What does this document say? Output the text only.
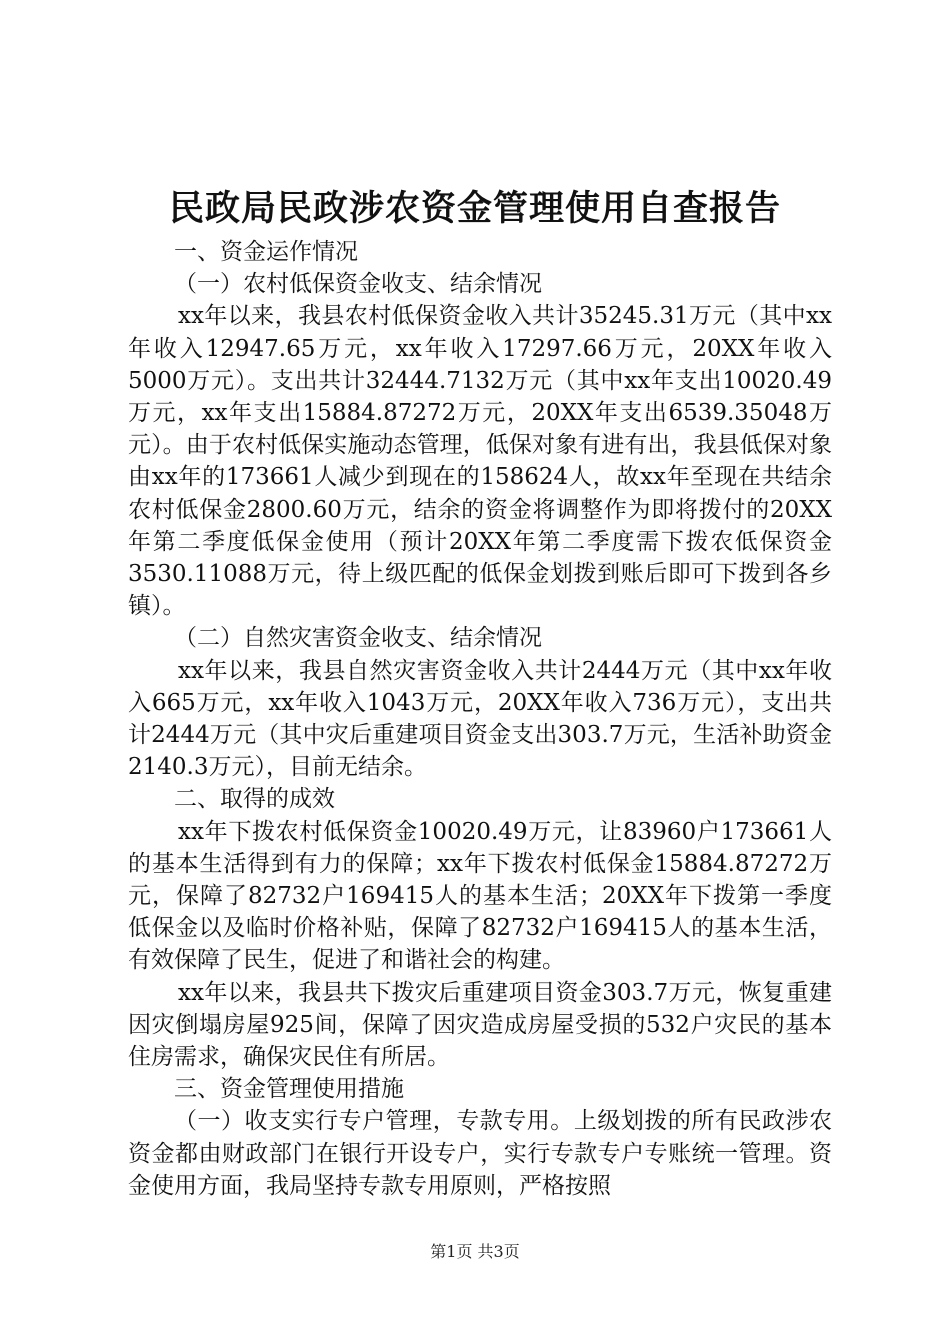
民政局民政涉农资金管理使用自查报告

一、资金运作情况

（一）农村低保资金收支、结余情况

xx年以来，我县农村低保资金收入共计35245.31万元（其中xx年收入12947.65万元，xx年收入17297.66万元，20XX年收入5000万元）。支出共计32444.7132万元（其中xx年支出10020.49万元，xx年支出15884.87272万元，20XX年支出6539.35048万元）。由于农村低保实施动态管理，低保对象有进有出，我县低保对象由xx年的173661人减少到现在的158624人，故xx年至现在共结余农村低保金2800.60万元，结余的资金将调整作为即将拨付的20XX年第二季度低保金使用（预计20XX年第二季度需下拨农低保资金3530.11088万元，待上级匹配的低保金划拨到账后即可下拨到各乡镇）。

（二）自然灾害资金收支、结余情况

xx年以来，我县自然灾害资金收入共计2444万元（其中xx年收入665万元，xx年收入1043万元，20XX年收入736万元），支出共计2444万元（其中灾后重建项目资金支出303.7万元，生活补助资金2140.3万元），目前无结余。

二、取得的成效

xx年下拨农村低保资金10020.49万元，让83960户173661人的基本生活得到有力的保障；xx年下拨农村低保金15884.87272万元，保障了82732户169415人的基本生活；20XX年下拨第一季度低保金以及临时价格补贴，保障了82732户169415人的基本生活，有效保障了民生，促进了和谐社会的构建。

xx年以来，我县共下拨灾后重建项目资金303.7万元，恢复重建因灾倒塌房屋925间，保障了因灾造成房屋受损的532户灾民的基本住房需求，确保灾民住有所居。

三、资金管理使用措施

（一）收支实行专户管理，专款专用。上级划拨的所有民政涉农资金都由财政部门在银行开设专户，实行专款专户专账统一管理。资金使用方面，我局坚持专款专用原则，严格按照

第1页 共3页
